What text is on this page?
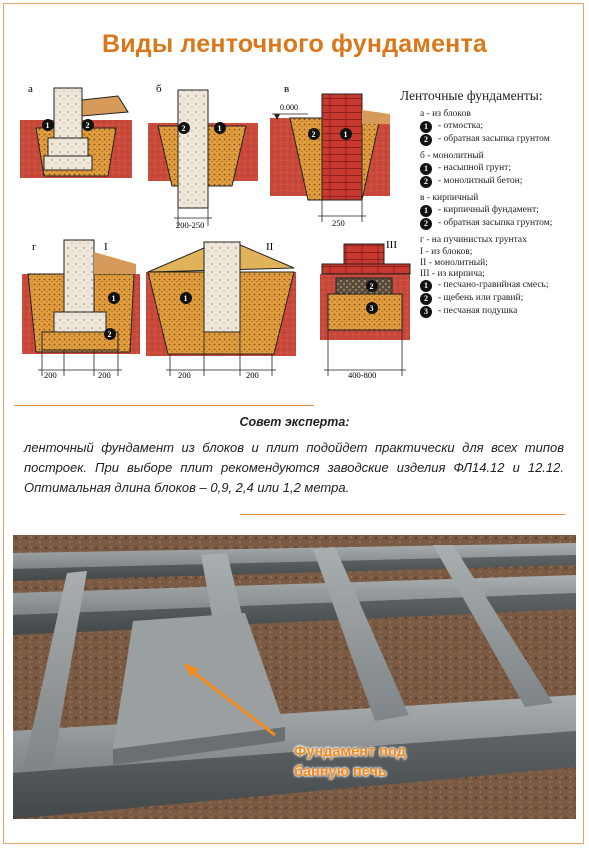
Виды ленточного фундамента
1	2
а
2	1
200-250
б
0.000
2	1
250
в
1
2
200	200
г	I
1
200	200
II
2
3
400-800
III
Ленточные фундаменты:
а - из блоков
1	- отмостка;
2	- обратная засыпка грунтом
б - монолитный
1	- насыпной грунт;
2	- монолитный бетон;
в - кирпичный
1	- кирпичный фундамент;
2	- обратная засыпка грунтом;
г - на пучинистых грунтах
I - из блоков;
II - монолитный;
III - из кирпича;
1	- песчано-гравийная смесь;
2	- щебень или гравий;
3	- песчаная подушка
Совет эксперта:
ленточный фундамент из блоков и плит подойдет практически для всех типов построек. При выборе плит рекомендуются заводские изделия ФЛ14.12 и 12.12. Оптимальная длина блоков – 0,9, 2,4 или 1,2 метра.
Фундамент под
банную печь
